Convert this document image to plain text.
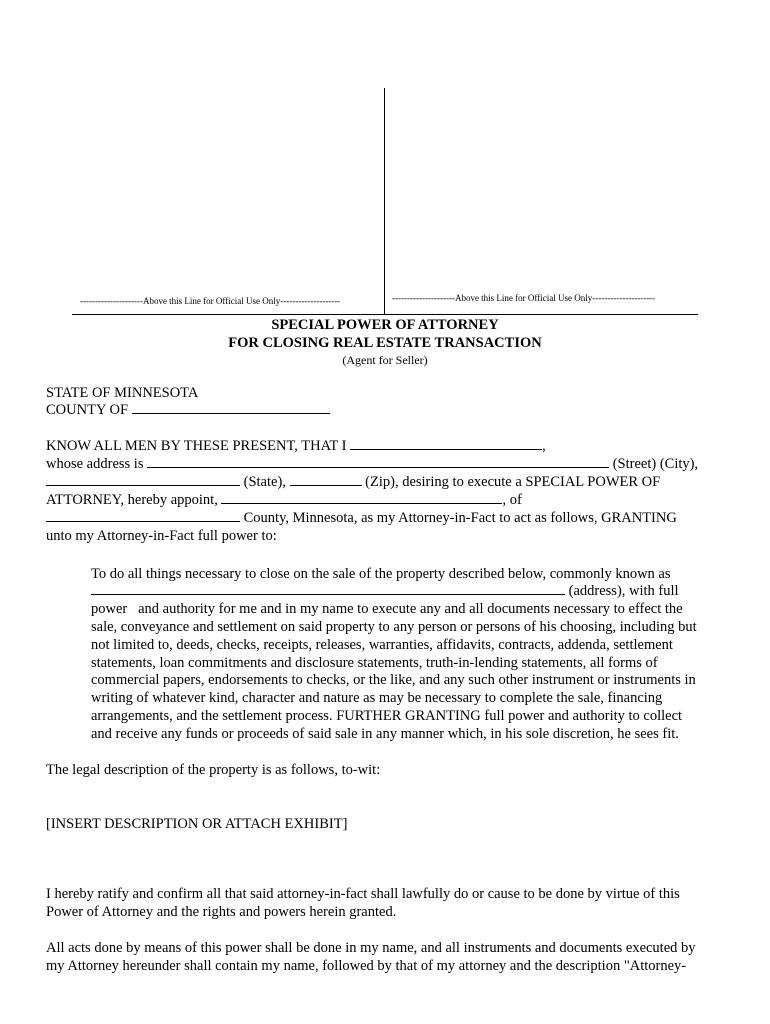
---------------------Above this Line for Official Use Only--------------------	---------------------Above this Line for Official Use Only---------------------
SPECIAL POWER OF ATTORNEY
FOR CLOSING REAL ESTATE TRANSACTION
(Agent for Seller)
STATE OF MINNESOTA
COUNTY OF
KNOW ALL MEN BY THESE PRESENT, THAT I	,
whose address is	(Street) (City),
(State),	(Zip), desiring to execute a SPECIAL POWER OF
ATTORNEY, hereby appoint,	, of
County, Minnesota, as my Attorney-in-Fact to act as follows, GRANTING
unto my Attorney-in-Fact full power to:
To do all things necessary to close on the sale of the property described below, commonly known as
(address), with full
power   and authority for me and in my name to execute any and all documents necessary to effect the
sale, conveyance and settlement on said property to any person or persons of his choosing, including but
not limited to, deeds, checks, receipts, releases, warranties, affidavits, contracts, addenda, settlement
statements, loan commitments and disclosure statements, truth-in-lending statements, all forms of
commercial papers, endorsements to checks, or the like, and any such other instrument or instruments in
writing of whatever kind, character and nature as may be necessary to complete the sale, financing
arrangements, and the settlement process. FURTHER GRANTING full power and authority to collect
and receive any funds or proceeds of said sale in any manner which, in his sole discretion, he sees fit.
The legal description of the property is as follows, to-wit:
[INSERT DESCRIPTION OR ATTACH EXHIBIT]
I hereby ratify and confirm all that said attorney-in-fact shall lawfully do or cause to be done by virtue of this
Power of Attorney and the rights and powers herein granted.
All acts done by means of this power shall be done in my name, and all instruments and documents executed by
my Attorney hereunder shall contain my name, followed by that of my attorney and the description "Attorney-
